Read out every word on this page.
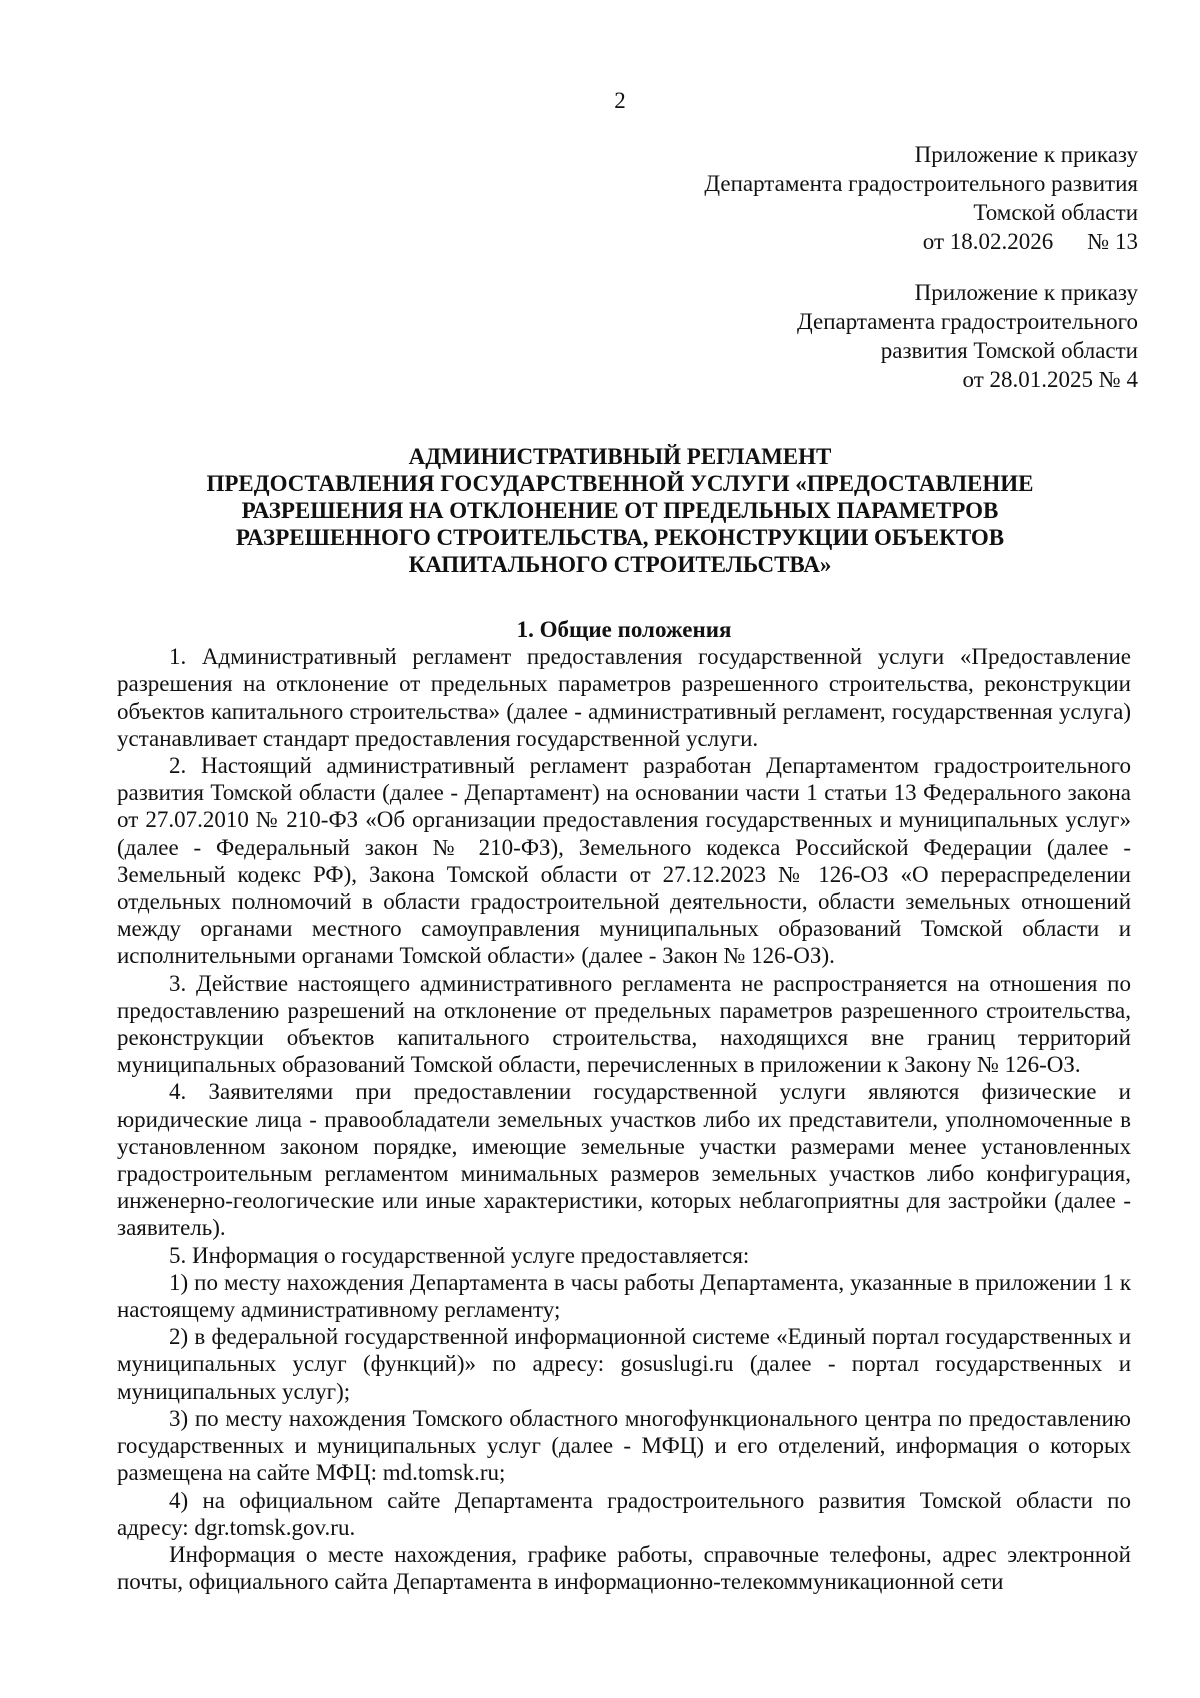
2
Приложение к приказу
Департамента градостроительного развития
Томской области
от 18.02.2026 № 13
Приложение к приказу
Департамента градостроительного
развития Томской области
от 28.01.2025 № 4
АДМИНИСТРАТИВНЫЙ РЕГЛАМЕНТ
ПРЕДОСТАВЛЕНИЯ ГОСУДАРСТВЕННОЙ УСЛУГИ «ПРЕДОСТАВЛЕНИЕ
РАЗРЕШЕНИЯ НА ОТКЛОНЕНИЕ ОТ ПРЕДЕЛЬНЫХ ПАРАМЕТРОВ
РАЗРЕШЕННОГО СТРОИТЕЛЬСТВА, РЕКОНСТРУКЦИИ ОБЪЕКТОВ
КАПИТАЛЬНОГО СТРОИТЕЛЬСТВА»
1. Общие положения

1. Административный регламент предоставления государственной услуги «Предоставление разрешения на отклонение от предельных параметров разрешенного строительства, реконструкции объектов капитального строительства» (далее - административный регламент, государственная услуга) устанавливает стандарт предоставления государственной услуги.

2. Настоящий административный регламент разработан Департаментом градостроительного развития Томской области (далее - Департамент) на основании части 1 статьи 13 Федерального закона от 27.07.2010 № 210-ФЗ «Об организации предоставления государственных и муниципальных услуг» (далее - Федеральный закон № 210-ФЗ), Земельного кодекса Российской Федерации (далее - Земельный кодекс РФ), Закона Томской области от 27.12.2023 № 126-ОЗ «О перераспределении отдельных полномочий в области градостроительной деятельности, области земельных отношений между органами местного самоуправления муниципальных образований Томской области и исполнительными органами Томской области» (далее - Закон № 126-ОЗ).

3. Действие настоящего административного регламента не распространяется на отношения по предоставлению разрешений на отклонение от предельных параметров разрешенного строительства, реконструкции объектов капитального строительства, находящихся вне границ территорий муниципальных образований Томской области, перечисленных в приложении к Закону № 126-ОЗ.

4. Заявителями при предоставлении государственной услуги являются физические и юридические лица - правообладатели земельных участков либо их представители, уполномоченные в установленном законом порядке, имеющие земельные участки размерами менее установленных градостроительным регламентом минимальных размеров земельных участков либо конфигурация, инженерно-геологические или иные характеристики, которых неблагоприятны для застройки (далее - заявитель).

5. Информация о государственной услуге предоставляется:

1) по месту нахождения Департамента в часы работы Департамента, указанные в приложении 1 к настоящему административному регламенту;

2) в федеральной государственной информационной системе «Единый портал государственных и муниципальных услуг (функций)» по адресу: gosuslugi.ru (далее - портал государственных и муниципальных услуг);

3) по месту нахождения Томского областного многофункционального центра по предоставлению государственных и муниципальных услуг (далее - МФЦ) и его отделений, информация о которых размещена на сайте МФЦ: md.tomsk.ru;

4) на официальном сайте Департамента градостроительного развития Томской области по адресу: dgr.tomsk.gov.ru.

Информация о месте нахождения, графике работы, справочные телефоны, адрес электронной почты, официального сайта Департамента в информационно-телекоммуникационной сети
